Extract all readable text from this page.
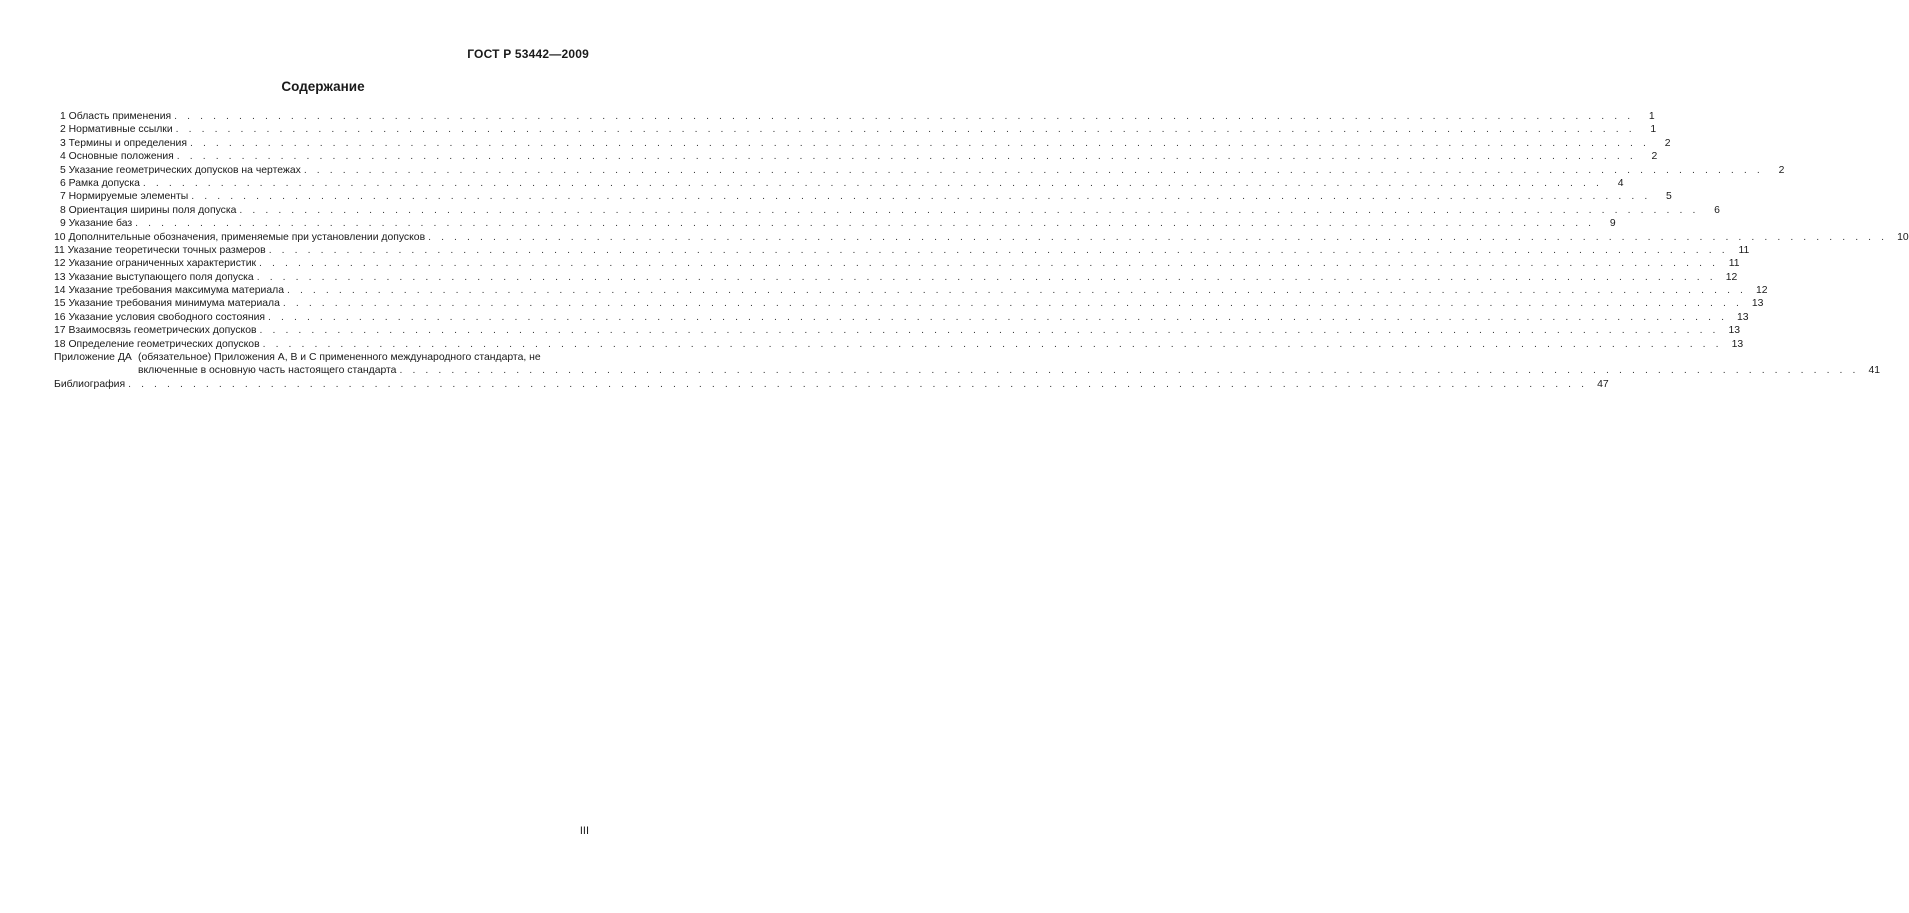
ГОСТ Р 53442—2009
Содержание
1 Область применения . . .	1
2 Нормативные ссылки . . .	1
3 Термины и определения . . .	2
4 Основные положения . . .	2
5 Указание геометрических допусков на чертежах . . .	2
6 Рамка допуска . . .	4
7 Нормируемые элементы . . .	5
8 Ориентация ширины поля допуска . . .	6
9 Указание баз . . .	9
10 Дополнительные обозначения, применяемые при установлении допусков . . .	10
11 Указание теоретически точных размеров . . .	11
12 Указание ограниченных характеристик . . .	11
13 Указание выступающего поля допуска . . .	12
14 Указание требования максимума материала . . .	12
15 Указание требования минимума материала . . .	13
16 Указание условия свободного состояния . . .	13
17 Взаимосвязь геометрических допусков . . .	13
18 Определение геометрических допусков . . .	13
Приложение ДА (обязательное) Приложения А, В и С примененного международного стандарта, не
включенные в основную часть настоящего стандарта . . .	41
Библиография . . .	47
III
